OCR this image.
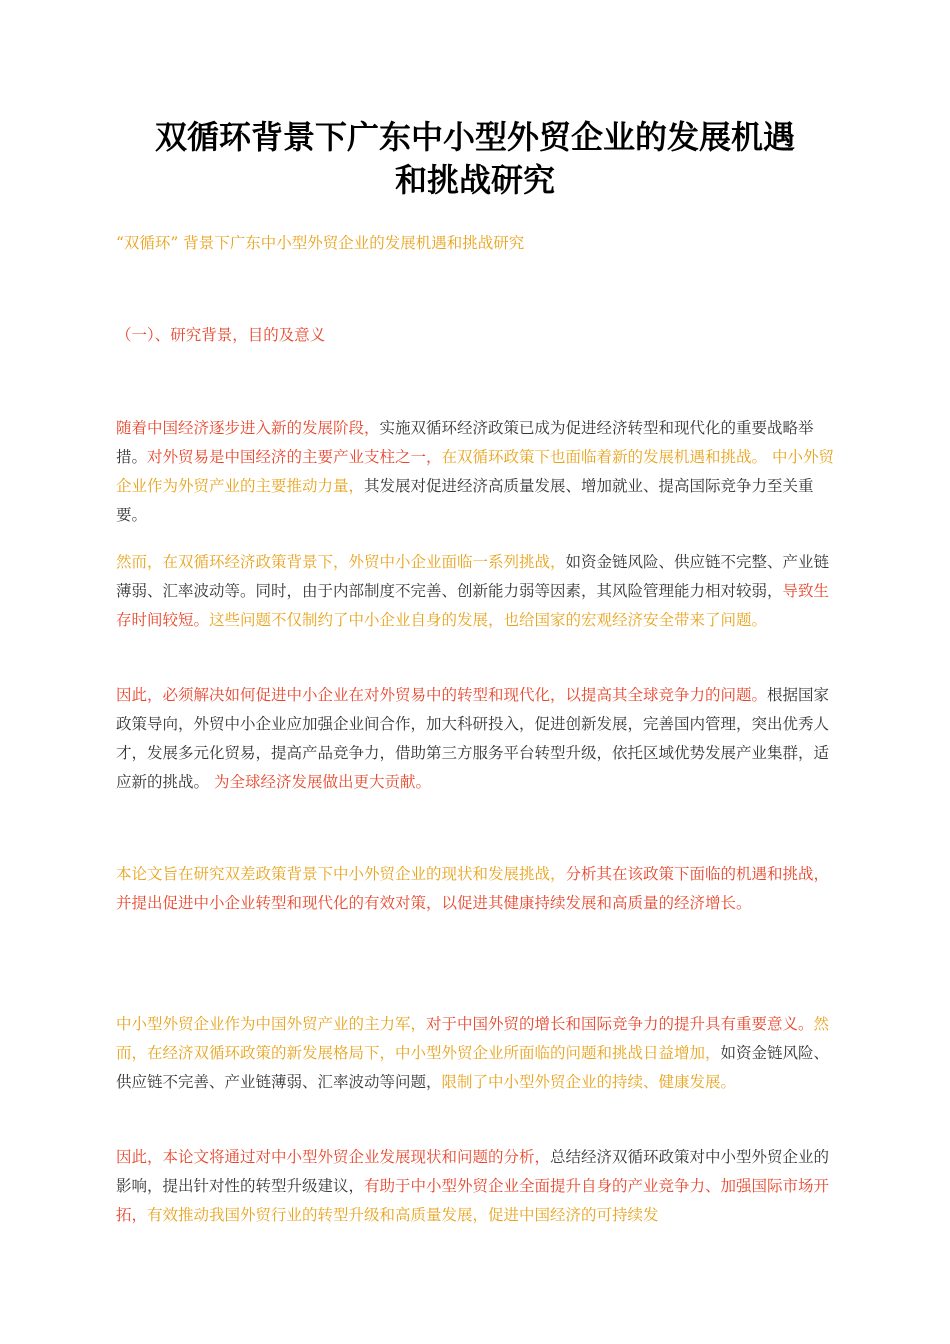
双循环背景下广东中小型外贸企业的发展机遇
和挑战研究

“双循环” 背景下广东中小型外贸企业的发展机遇和挑战研究

（一）、研究背景，目的及意义

随着中国经济逐步进入新的发展阶段，实施双循环经济政策已成为促进经济转型和现代化的重要战略举措。对外贸易是中国经济的主要产业支柱之一，在双循环政策下也面临着新的发展机遇和挑战。 中小外贸企业作为外贸产业的主要推动力量，其发展对促进经济高质量发展、增加就业、提高国际竞争力至关重要。

然而，在双循环经济政策背景下，外贸中小企业面临一系列挑战，如资金链风险、供应链不完整、产业链薄弱、汇率波动等。同时，由于内部制度不完善、创新能力弱等因素，其风险管理能力相对较弱，导致生存时间较短。这些问题不仅制约了中小企业自身的发展，也给国家的宏观经济安全带来了问题。

因此，必须解决如何促进中小企业在对外贸易中的转型和现代化，以提高其全球竞争力的问题。根据国家政策导向，外贸中小企业应加强企业间合作，加大科研投入，促进创新发展，完善国内管理，突出优秀人才，发展多元化贸易，提高产品竞争力，借助第三方服务平台转型升级，依托区域优势发展产业集群，适应新的挑战。 为全球经济发展做出更大贡献。

本论文旨在研究双差政策背景下中小外贸企业的现状和发展挑战，分析其在该政策下面临的机遇和挑战，并提出促进中小企业转型和现代化的有效对策，以促进其健康持续发展和高质量的经济增长。

中小型外贸企业作为中国外贸产业的主力军，对于中国外贸的增长和国际竞争力的提升具有重要意义。然而，在经济双循环政策的新发展格局下，中小型外贸企业所面临的问题和挑战日益增加，如资金链风险、供应链不完善、产业链薄弱、汇率波动等问题，限制了中小型外贸企业的持续、健康发展。

因此，本论文将通过对中小型外贸企业发展现状和问题的分析，总结经济双循环政策对中小型外贸企业的影响，提出针对性的转型升级建议，有助于中小型外贸企业全面提升自身的产业竞争力、加强国际市场开拓，有效推动我国外贸行业的转型升级和高质量发展，促进中国经济的可持续发
